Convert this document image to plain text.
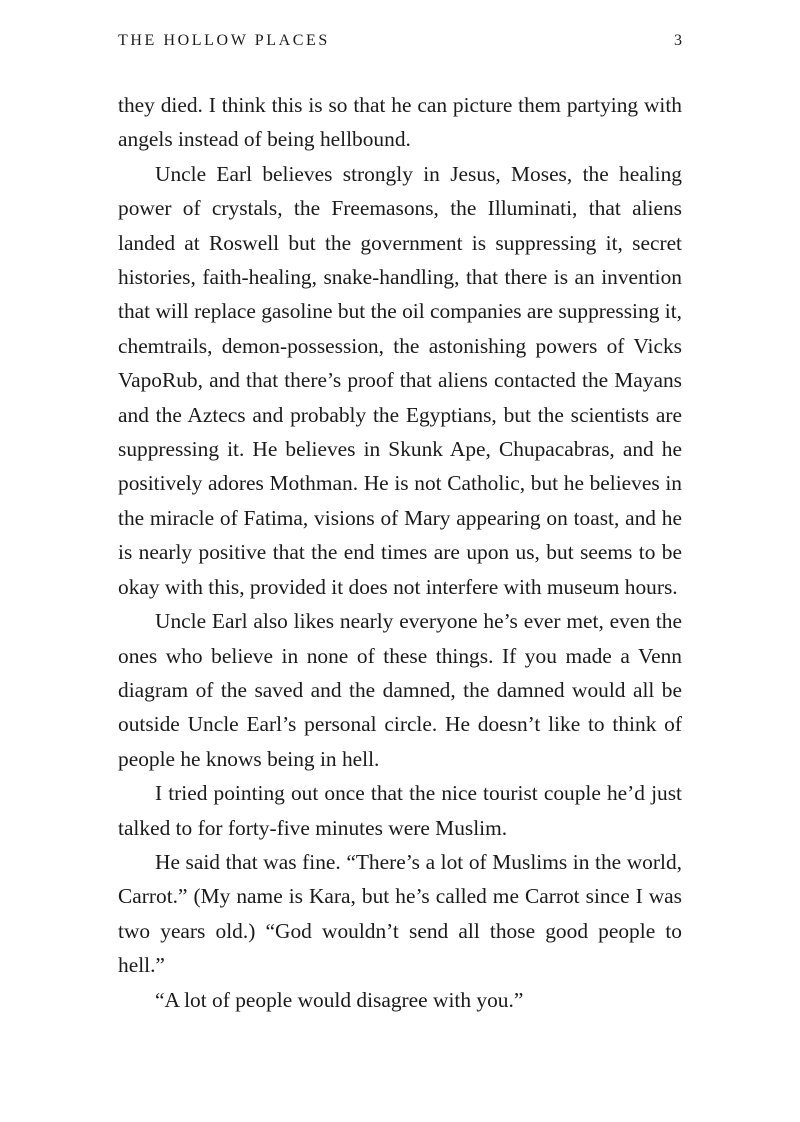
THE HOLLOW PLACES	3

they died. I think this is so that he can picture them partying with angels instead of being hellbound.

Uncle Earl believes strongly in Jesus, Moses, the healing power of crystals, the Freemasons, the Illuminati, that aliens landed at Roswell but the government is suppressing it, secret histories, faith-healing, snake-handling, that there is an invention that will replace gasoline but the oil companies are suppressing it, chemtrails, demon-possession, the astonishing powers of Vicks VapoRub, and that there’s proof that aliens contacted the Mayans and the Aztecs and probably the Egyptians, but the scientists are suppressing it. He believes in Skunk Ape, Chupacabras, and he positively adores Mothman. He is not Catholic, but he believes in the miracle of Fatima, visions of Mary appearing on toast, and he is nearly positive that the end times are upon us, but seems to be okay with this, provided it does not interfere with museum hours.

Uncle Earl also likes nearly everyone he’s ever met, even the ones who believe in none of these things. If you made a Venn diagram of the saved and the damned, the damned would all be outside Uncle Earl’s personal circle. He doesn’t like to think of people he knows being in hell.

I tried pointing out once that the nice tourist couple he’d just talked to for forty-five minutes were Muslim.

He said that was fine. “There’s a lot of Muslims in the world, Carrot.” (My name is Kara, but he’s called me Carrot since I was two years old.) “God wouldn’t send all those good people to hell.”

“A lot of people would disagree with you.”
